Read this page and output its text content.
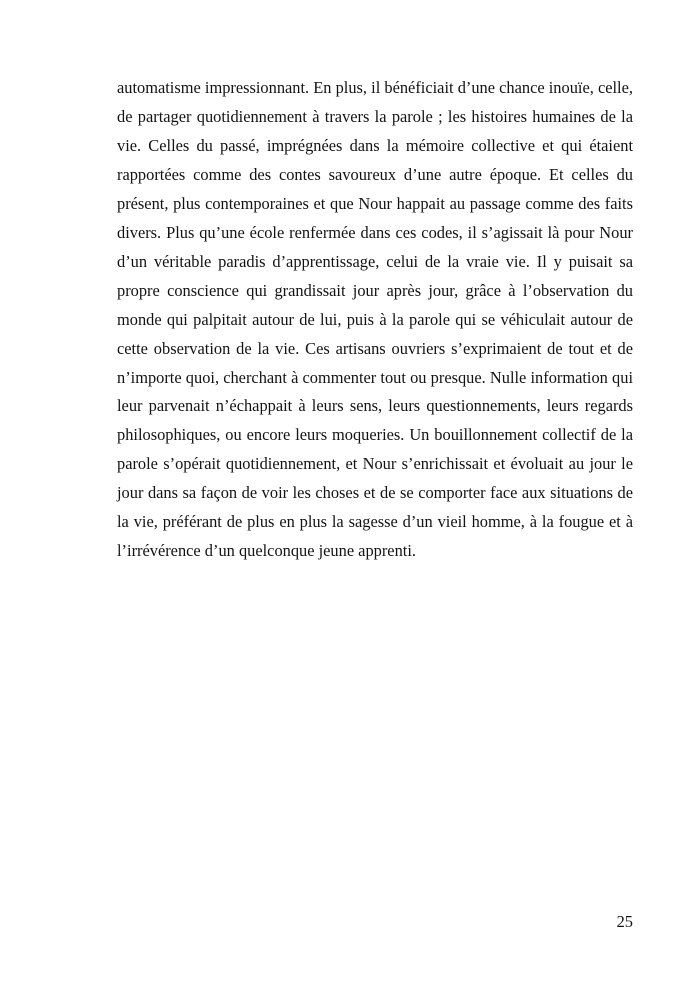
automatisme impressionnant. En plus, il bénéficiait d’une chance inouïe, celle, de partager quotidiennement à travers la parole ; les histoires humaines de la vie. Celles du passé, imprégnées dans la mémoire collective et qui étaient rapportées comme des contes savoureux d’une autre époque. Et celles du présent, plus contemporaines et que Nour happait au passage comme des faits divers. Plus qu’une école renfermée dans ces codes, il s’agissait là pour Nour d’un véritable paradis d’apprentissage, celui de la vraie vie. Il y puisait sa propre conscience qui grandissait jour après jour, grâce à l’observation du monde qui palpitait autour de lui, puis à la parole qui se véhiculait autour de cette observation de la vie. Ces artisans ouvriers s’exprimaient de tout et de n’importe quoi, cherchant à commenter tout ou presque. Nulle information qui leur parvenait n’échappait à leurs sens, leurs questionnements, leurs regards philosophiques, ou encore leurs moqueries. Un bouillonnement collectif de la parole s’opérait quotidiennement, et Nour s’enrichissait et évoluait au jour le jour dans sa façon de voir les choses et de se comporter face aux situations de la vie, préférant de plus en plus la sagesse d’un vieil homme, à la fougue et à l’irrévérence d’un quelconque jeune apprenti.

25
